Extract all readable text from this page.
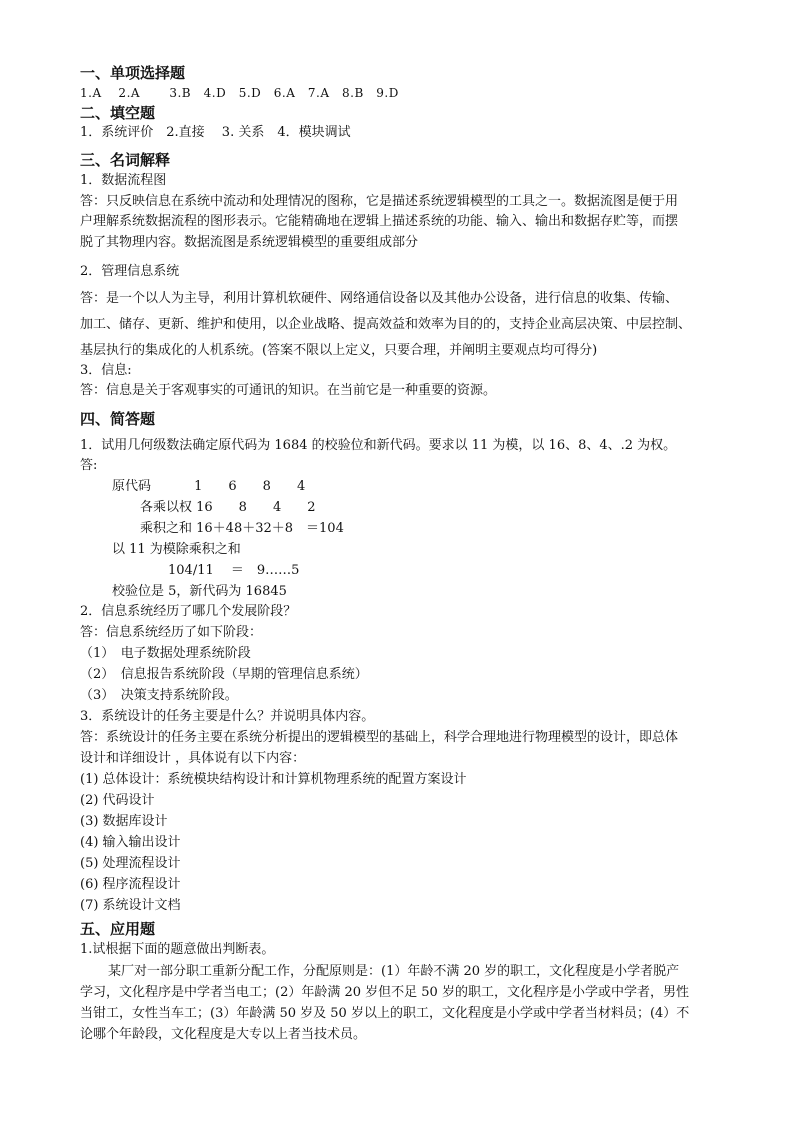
一、单项选择题
1.A　 2.A　　 3.B　4.D　5.D　6.A　7.A　8.B　9.D
二、填空题
1．系统评价　2.直接　 3. 关系　4．模块调试
三、名词解释
1．数据流程图
答：只反映信息在系统中流动和处理情况的图称，它是描述系统逻辑模型的工具之一。数据流图是便于用
户理解系统数据流程的图形表示。它能精确地在逻辑上描述系统的功能、输入、输出和数据存贮等，而摆
脱了其物理内容。数据流图是系统逻辑模型的重要组成部分
2．管理信息系统
答：是一个以人为主导，利用计算机软硬件、网络通信设备以及其他办公设备，进行信息的收集、传输、
加工、储存、更新、维护和使用，以企业战略、提高效益和效率为目的的，支持企业高层决策、中层控制、
基层执行的集成化的人机系统。(答案不限以上定义，只要合理，并阐明主要观点均可得分)
3．信息:
答：信息是关于客观事实的可通讯的知识。在当前它是一种重要的资源。
四、简答题
1．试用几何级数法确定原代码为 1684 的校验位和新代码。要求以 11 为模，以 16、8、4、.2 为权。
答:
原代码　　　 1　　6　　8　　4
各乘以权 16　　8　　4　　2
乘积之和 16＋48＋32＋8　＝104
以 11 为模除乘积之和
104/11　 ＝　9……5
校验位是 5，新代码为 16845
2．信息系统经历了哪几个发展阶段？
答：信息系统经历了如下阶段：
（1）　电子数据处理系统阶段
（2）　信息报告系统阶段（早期的管理信息系统）
（3）　决策支持系统阶段。
3．系统设计的任务主要是什么？并说明具体内容。
答：系统设计的任务主要在系统分析提出的逻辑模型的基础上，科学合理地进行物理模型的设计，即总体
设计和详细设计 ，具体说有以下内容：
(1) 总体设计：系统模块结构设计和计算机物理系统的配置方案设计
(2) 代码设计
(3) 数据库设计
(4) 输入输出设计
(5) 处理流程设计
(6) 程序流程设计
(7) 系统设计文档
五、应用题
1.试根据下面的题意做出判断表。
某厂对一部分职工重新分配工作，分配原则是：(1）年龄不满 20 岁的职工，文化程度是小学者脱产
学习，文化程序是中学者当电工；(2）年龄满 20 岁但不足 50 岁的职工，文化程序是小学或中学者，男性
当钳工，女性当车工；(3）年龄满 50 岁及 50 岁以上的职工，文化程度是小学或中学者当材料员；(4）不
论哪个年龄段，文化程度是大专以上者当技术员。
